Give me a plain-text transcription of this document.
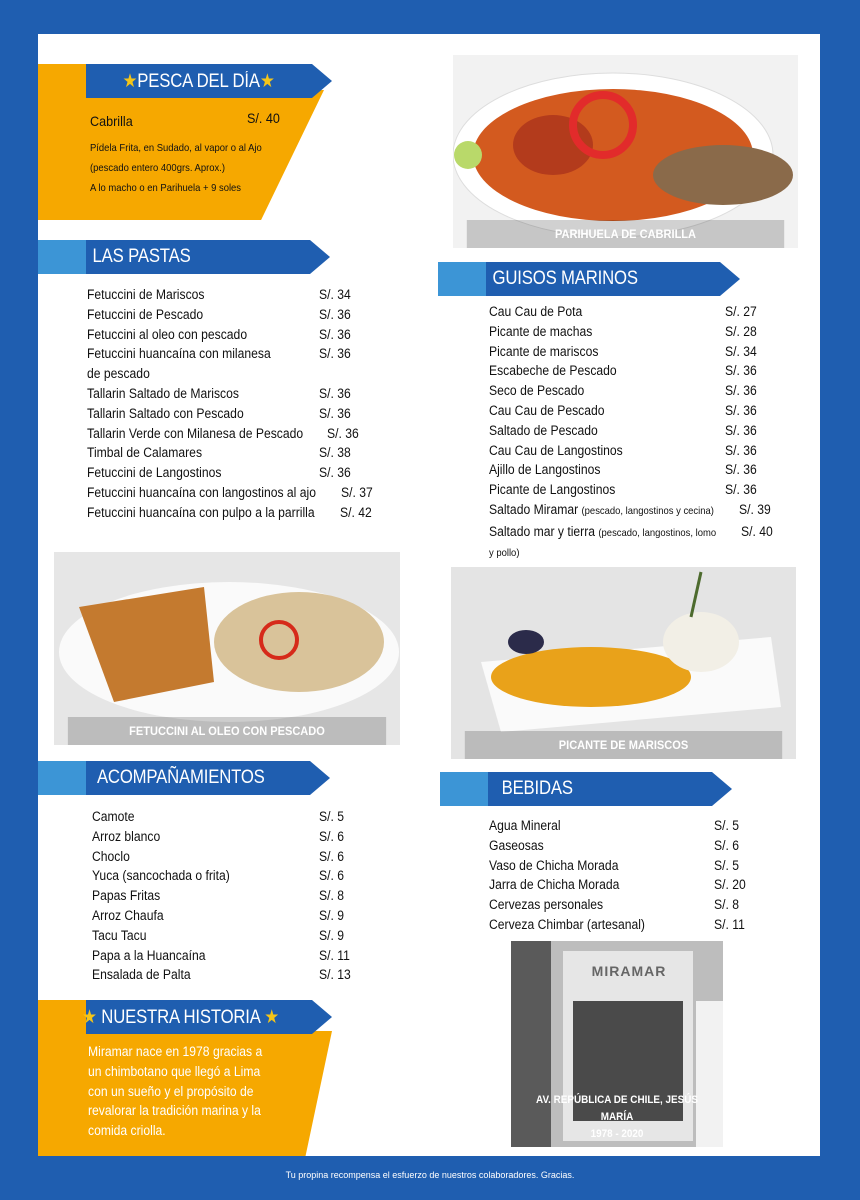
★PESCA DEL DÍA★
Cabrilla	S/. 40
Pídela Frita, en Sudado, al vapor o al Ajo
(pescado entero 400grs. Aprox.)
A lo macho o en Parihuela + 9 soles
LAS PASTAS
Fetuccini de Mariscos	S/. 34
Fetuccini de Pescado	S/. 36
Fetuccini al oleo con pescado	S/. 36
Fetuccini huancaína con milanesa	S/. 36
de pescado
Tallarin Saltado de Mariscos	S/. 36
Tallarin Saltado con Pescado	S/. 36
Tallarin Verde con Milanesa de Pescado S/. 36
Timbal de Calamares	S/. 38
Fetuccini de Langostinos	S/. 36
Fetuccini huancaína con langostinos al ajo S/. 37
Fetuccini huancaína con pulpo a la parrilla S/. 42
GUISOS MARINOS
Cau Cau de Pota	S/. 27
Picante de machas	S/. 28
Picante de mariscos	S/. 34
Escabeche de Pescado	S/. 36
Seco de Pescado	S/. 36
Cau Cau de Pescado	S/. 36
Saltado de Pescado	S/. 36
Cau Cau de Langostinos	S/. 36
Ajillo de Langostinos	S/. 36
Picante de Langostinos	S/. 36
Saltado Miramar (pescado, langostinos y cecina) S/. 39
Saltado mar y tierra (pescado, langostinos, lomo S/. 40
y pollo)
PARIHUELA DE CABRILLA
FETUCCINI AL OLEO CON PESCADO
PICANTE DE MARISCOS
ACOMPAÑAMIENTOS
Camote	S/. 5
Arroz blanco	S/. 6
Choclo	S/. 6
Yuca (sancochada o frita)	S/. 6
Papas Fritas	S/. 8
Arroz Chaufa	S/. 9
Tacu Tacu	S/. 9
Papa a la Huancaína	S/. 11
Ensalada de Palta	S/. 13
BEBIDAS
Agua Mineral	S/. 5
Gaseosas	S/. 6
Vaso de Chicha Morada	S/. 5
Jarra de Chicha Morada	S/. 20
Cervezas personales	S/. 8
Cerveza Chimbar (artesanal)	S/. 11
MIRAMAR
AV. REPÚBLICA DE CHILE, JESÚS MARÍA
1978 - 2020
★ NUESTRA HISTORIA ★
Miramar nace en 1978 gracias a un chimbotano que llegó a Lima con un sueño y el propósito de revalorar la tradición marina y la comida criolla.
Tu propina recompensa el esfuerzo de nuestros colaboradores. Gracias.
